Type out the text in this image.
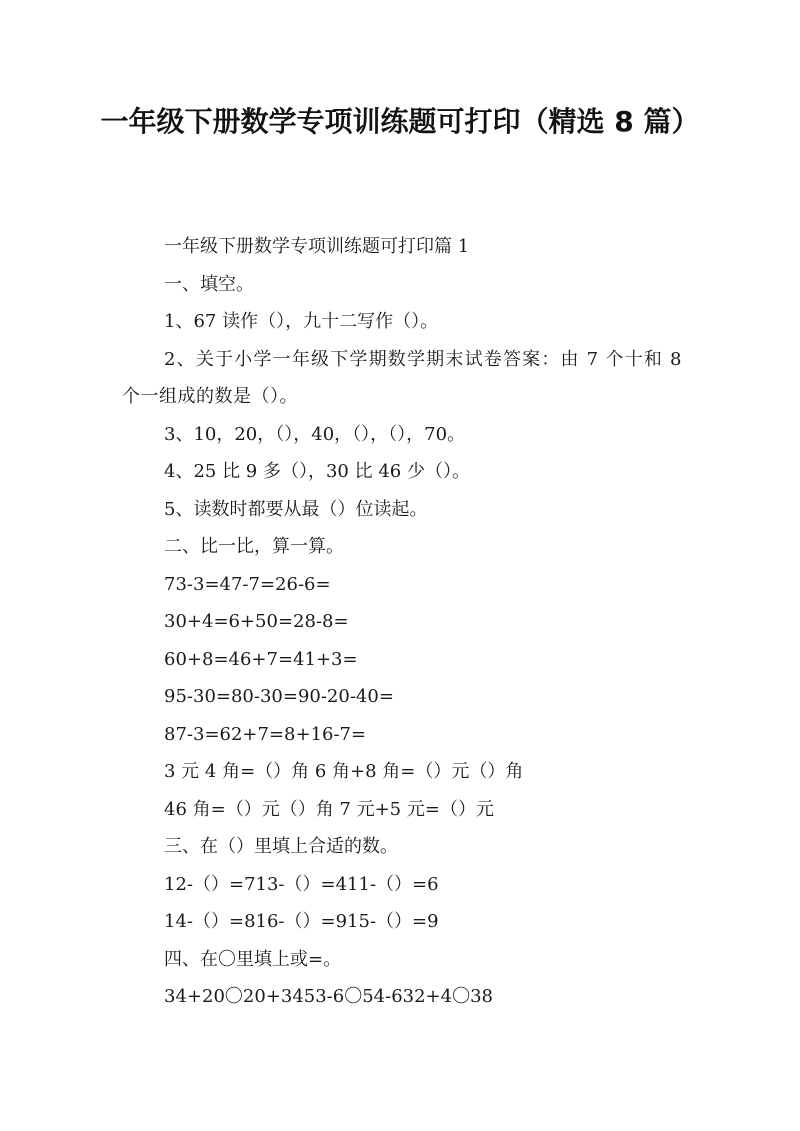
一年级下册数学专项训练题可打印（精选 8 篇）

一年级下册数学专项训练题可打印篇 1

一、填空。

1、67 读作（），九十二写作（）。

2、关于小学一年级下学期数学期末试卷答案：由 7 个十和 8 个一组成的数是（）。

3、10，20，（），40，（），（），70。

4、25 比 9 多（），30 比 46 少（）。

5、读数时都要从最（）位读起。

二、比一比，算一算。

73-3=47-7=26-6=

30+4=6+50=28-8=

60+8=46+7=41+3=

95-30=80-30=90-20-40=

87-3=62+7=8+16-7=

3 元 4 角=（）角 6 角+8 角=（）元（）角

46 角=（）元（）角 7 元+5 元=（）元

三、在（）里填上合适的数。

12-（）=713-（）=411-（）=6

14-（）=816-（）=915-（）=9

四、在〇里填上或=。

34+20〇20+3453-6〇54-632+4〇38
